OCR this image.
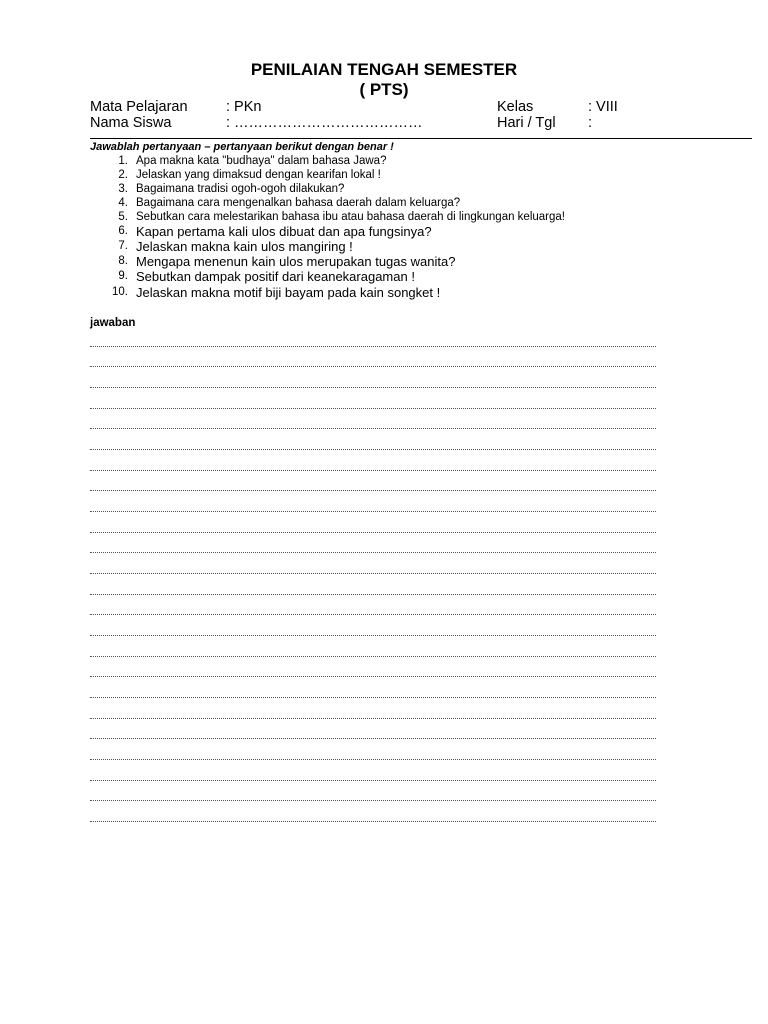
PENILAIAN TENGAH SEMESTER
( PTS)
Mata Pelajaran	: PKn	Kelas	: VIII
Nama Siswa	: …………………………………	Hari / Tgl :
Jawablah pertanyaan – pertanyaan berikut dengan benar !
1. Apa makna kata "budhaya" dalam bahasa Jawa?
2. Jelaskan yang dimaksud dengan kearifan lokal !
3. Bagaimana tradisi ogoh-ogoh dilakukan?
4. Bagaimana cara mengenalkan bahasa daerah dalam keluarga?
5. Sebutkan cara melestarikan bahasa ibu atau bahasa daerah di lingkungan keluarga!
6. Kapan pertama kali ulos dibuat dan apa fungsinya?
7. Jelaskan makna kain ulos mangiring !
8. Mengapa menenun kain ulos merupakan tugas wanita?
9. Sebutkan dampak positif dari keanekaragaman !
10. Jelaskan makna motif biji bayam pada kain songket !
jawaban
